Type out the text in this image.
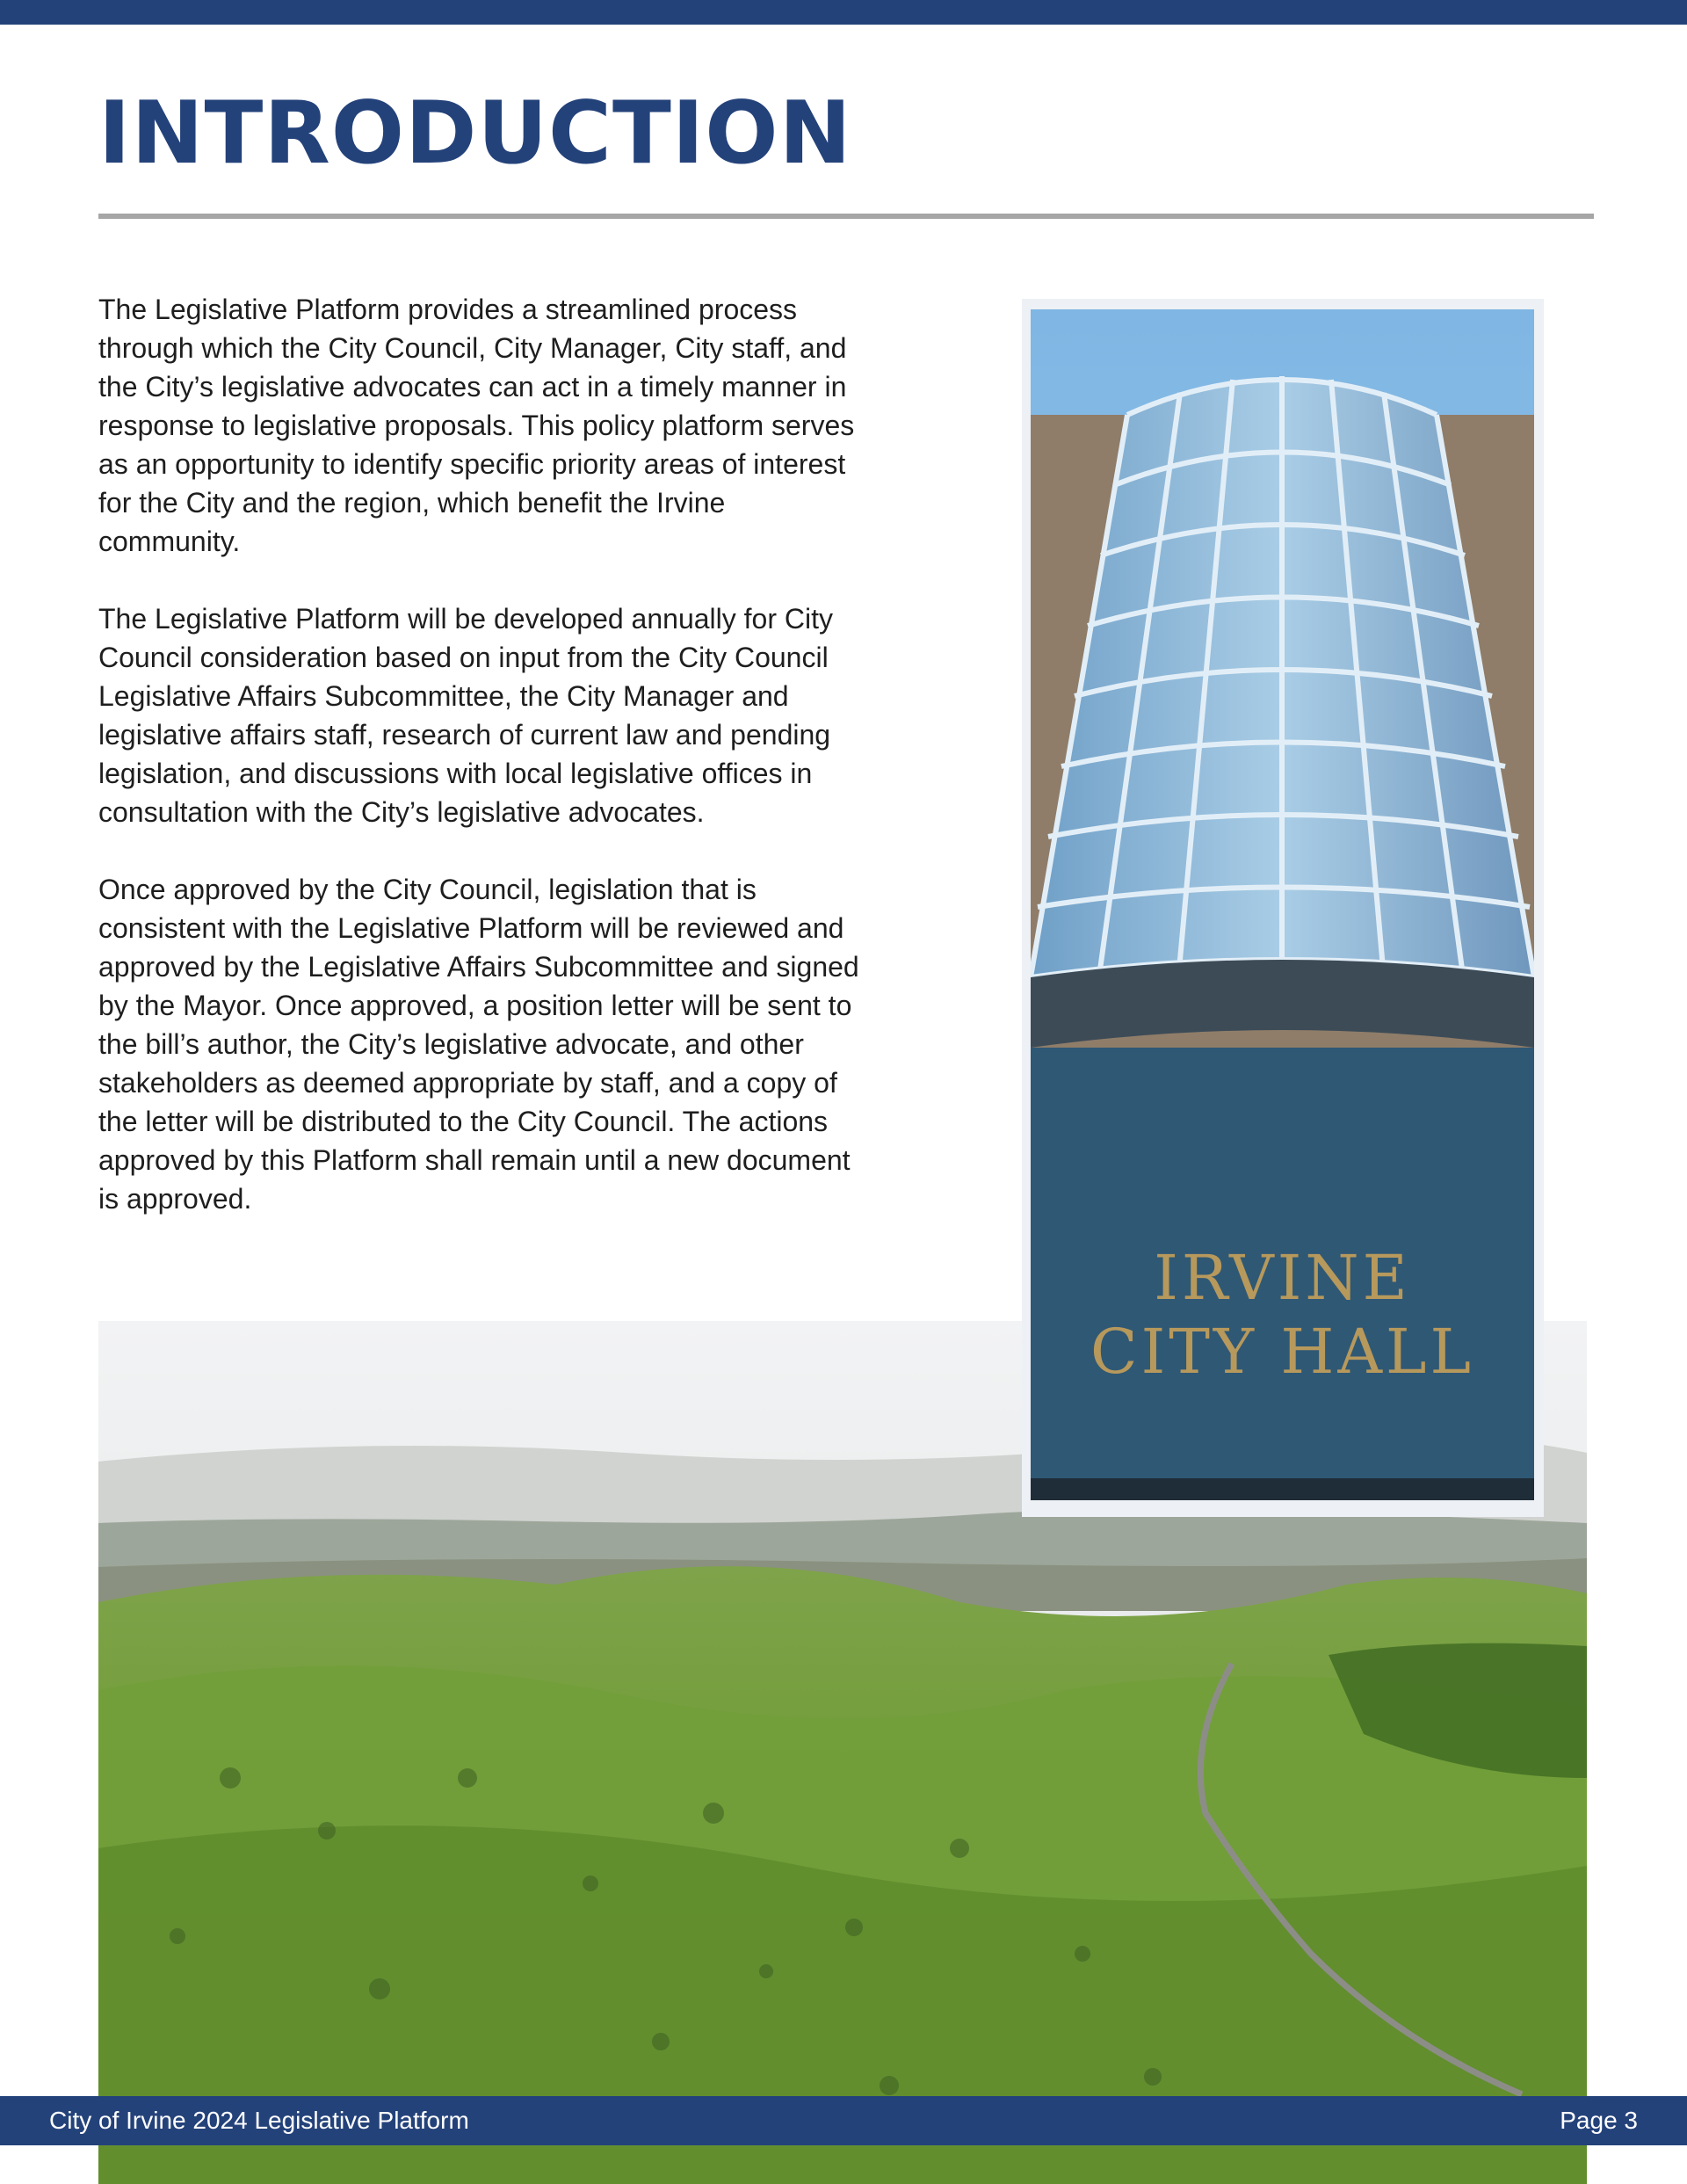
INTRODUCTION

The Legislative Platform provides a streamlined process through which the City Council, City Manager, City staff, and the City’s legislative advocates can act in a timely manner in response to legislative proposals. This policy platform serves as an opportunity to identify specific priority areas of interest for the City and the region, which benefit the Irvine community.

The Legislative Platform will be developed annually for City Council consideration based on input from the City Council Legislative Affairs Subcommittee, the City Manager and legislative affairs staff, research of current law and pending legislation, and discussions with local legislative offices in consultation with the City’s legislative advocates.

Once approved by the City Council, legislation that is consistent with the Legislative Platform will be reviewed and approved by the Legislative Affairs Subcommittee and signed by the Mayor. Once approved, a position letter will be sent to the bill’s author, the City’s legislative advocate, and other stakeholders as deemed appropriate by staff, and a copy of the letter will be distributed to the City Council. The actions approved by this Platform shall remain until a new document is approved.

IRVINE
CITY HALL
City of Irvine 2024 Legislative Platform	Page 3
